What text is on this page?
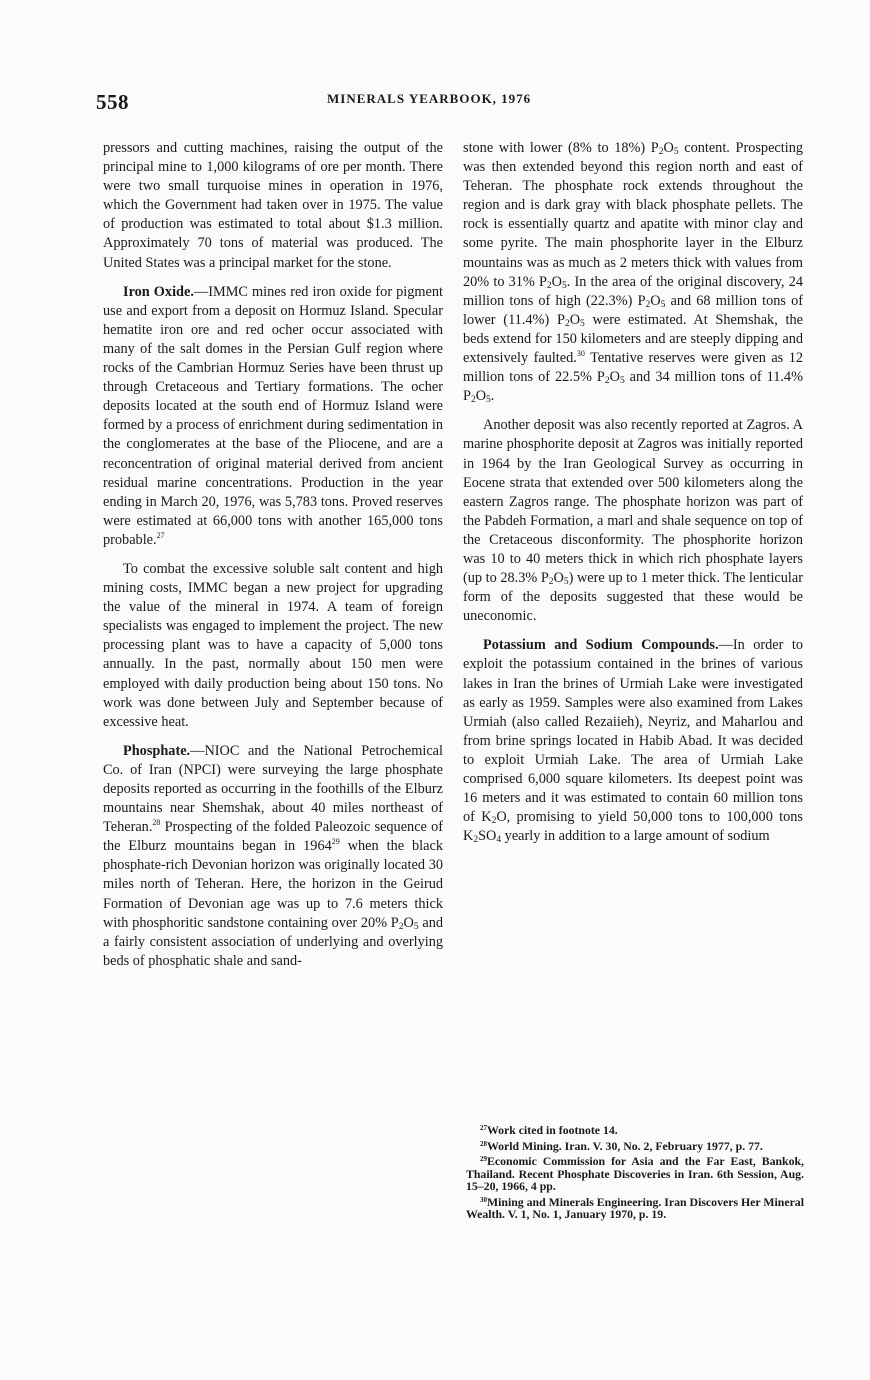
558	MINERALS YEARBOOK, 1976

pressors and cutting machines, raising the output of the principal mine to 1,000 kilograms of ore per month. There were two small turquoise mines in operation in 1976, which the Government had taken over in 1975. The value of production was estimated to total about $1.3 million. Approximately 70 tons of material was produced. The United States was a principal market for the stone.

Iron Oxide.—IMMC mines red iron oxide for pigment use and export from a deposit on Hormuz Island. Specular hematite iron ore and red ocher occur associated with many of the salt domes in the Persian Gulf region where rocks of the Cambrian Hormuz Series have been thrust up through Cretaceous and Tertiary formations. The ocher deposits located at the south end of Hormuz Island were formed by a process of enrichment during sedimentation in the conglomerates at the base of the Pliocene, and are a reconcentration of original material derived from ancient residual marine concentrations. Production in the year ending in March 20, 1976, was 5,783 tons. Proved reserves were estimated at 66,000 tons with another 165,000 tons probable.$^{27}$

To combat the excessive soluble salt content and high mining costs, IMMC began a new project for upgrading the value of the mineral in 1974. A team of foreign specialists was engaged to implement the project. The new processing plant was to have a capacity of 5,000 tons annually. In the past, normally about 150 men were employed with daily production being about 150 tons. No work was done between July and September because of excessive heat.

Phosphate.—NIOC and the National Petrochemical Co. of Iran (NPCI) were surveying the large phosphate deposits reported as occurring in the foothills of the Elburz mountains near Shemshak, about 40 miles northeast of Teheran.$^{28}$ Prospecting of the folded Paleozoic sequence of the Elburz mountains began in 1964$^{29}$ when the black phosphate-rich Devonian horizon was originally located 30 miles north of Teheran. Here, the horizon in the Geirud Formation of Devonian age was up to 7.6 meters thick with phosphoritic sandstone containing over 20% $P_2O_5$ and a fairly consistent association of underlying and overlying beds of phosphatic shale and sand-

stone with lower (8% to 18%) $P_2O_5$ content. Prospecting was then extended beyond this region north and east of Teheran. The phosphate rock extends throughout the region and is dark gray with black phosphate pellets. The rock is essentially quartz and apatite with minor clay and some pyrite. The main phosphorite layer in the Elburz mountains was as much as 2 meters thick with values from 20% to 31% $P_2O_5$. In the area of the original discovery, 24 million tons of high (22.3%) $P_2O_5$ and 68 million tons of lower (11.4%) $P_2O_5$ were estimated. At Shemshak, the beds extend for 150 kilometers and are steeply dipping and extensively faulted.$^{30}$ Tentative reserves were given as 12 million tons of 22.5% $P_2O_5$ and 34 million tons of 11.4% $P_2O_5$.

Another deposit was also recently reported at Zagros. A marine phosphorite deposit at Zagros was initially reported in 1964 by the Iran Geological Survey as occurring in Eocene strata that extended over 500 kilometers along the eastern Zagros range. The phosphate horizon was part of the Pabdeh Formation, a marl and shale sequence on top of the Cretaceous disconformity. The phosphorite horizon was 10 to 40 meters thick in which rich phosphate layers (up to 28.3% $P_2O_5$) were up to 1 meter thick. The lenticular form of the deposits suggested that these would be uneconomic.

Potassium and Sodium Compounds.—In order to exploit the potassium contained in the brines of various lakes in Iran the brines of Urmiah Lake were investigated as early as 1959. Samples were also examined from Lakes Urmiah (also called Rezaiieh), Neyriz, and Maharlou and from brine springs located in Habib Abad. It was decided to exploit Urmiah Lake. The area of Urmiah Lake comprised 6,000 square kilometers. Its deepest point was 16 meters and it was estimated to contain 60 million tons of $K_2O$, promising to yield 50,000 tons to 100,000 tons $K_2SO_4$ yearly in addition to a large amount of sodium

$^{27}$Work cited in footnote 14.

$^{28}$World Mining. Iran. V. 30, No. 2, February 1977, p. 77.

$^{29}$Economic Commission for Asia and the Far East, Bankok, Thailand. Recent Phosphate Discoveries in Iran. 6th Session, Aug. 15–20, 1966, 4 pp.

$^{30}$Mining and Minerals Engineering. Iran Discovers Her Mineral Wealth. V. 1, No. 1, January 1970, p. 19.
